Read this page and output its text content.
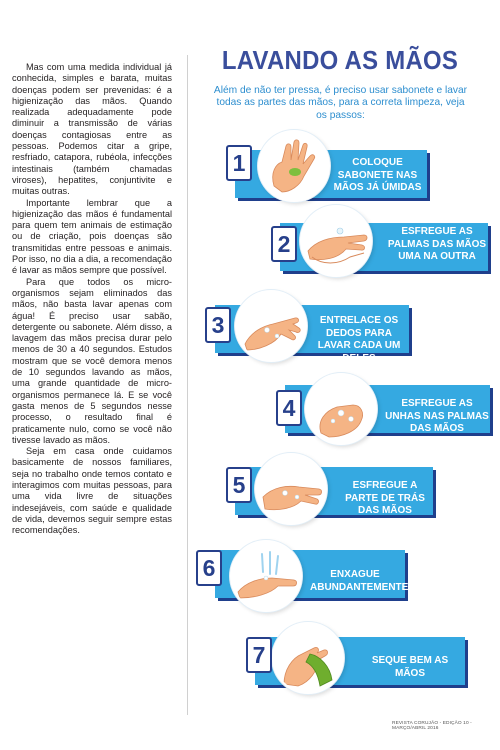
Mas com uma medida individual já conhecida, simples e barata, muitas doenças podem ser prevenidas: é a higienização das mãos. Quando realizada adequadamente pode diminuir a transmissão de várias doenças contagiosas entre as pessoas. Podemos citar a gripe, resfriado, catapora, rubéola, infecções intestinais (também chamadas viroses), hepatites, conjuntivite e muitas outras.

Importante lembrar que a higienização das mãos é fundamental para quem tem animais de estimação ou de criação, pois doenças são transmitidas entre pessoas e animais. Por isso, no dia a dia, a recomendação é lavar as mãos sempre que possível.

Para que todos os micro-organismos sejam eliminados das mãos, não basta lavar apenas com água! É preciso usar sabão, detergente ou sabonete. Além disso, a lavagem das mãos precisa durar pelo menos de 30 a 40 segundos. Estudos mostram que se você demora menos de 10 segundos lavando as mãos, uma grande quantidade de micro-organismos permanece lá. E se você gasta menos de 5 segundos nesse processo, o resultado final é praticamente nulo, como se você não tivesse lavado as mãos.

Seja em casa onde cuidamos basicamente de nossos familiares, seja no trabalho onde temos contato e interagimos com muitas pessoas, para uma vida livre de situações indesejáveis, com saúde e qualidade de vida, devemos seguir sempre estas recomendações.

LAVANDO AS MÃOS
Além de não ter pressa, é preciso usar sabonete e lavar todas as partes das mãos, para a correta limpeza, veja os passos:
1	COLOQUE SABONETE NAS MÃOS JÁ ÚMIDAS
2	ESFREGUE AS PALMAS DAS MÃOS UMA NA OUTRA
3	ENTRELACE OS DEDOS PARA LAVAR CADA UM DELES
4	ESFREGUE AS UNHAS NAS PALMAS DAS MÃOS
5	ESFREGUE A PARTE DE TRÁS DAS MÃOS
6	ENXAGUE ABUNDANTEMENTE
7	SEQUE BEM AS MÃOS
REVISTA CORUJÃO - EDIÇÃO 10 - MARÇO/ABRIL 2016
